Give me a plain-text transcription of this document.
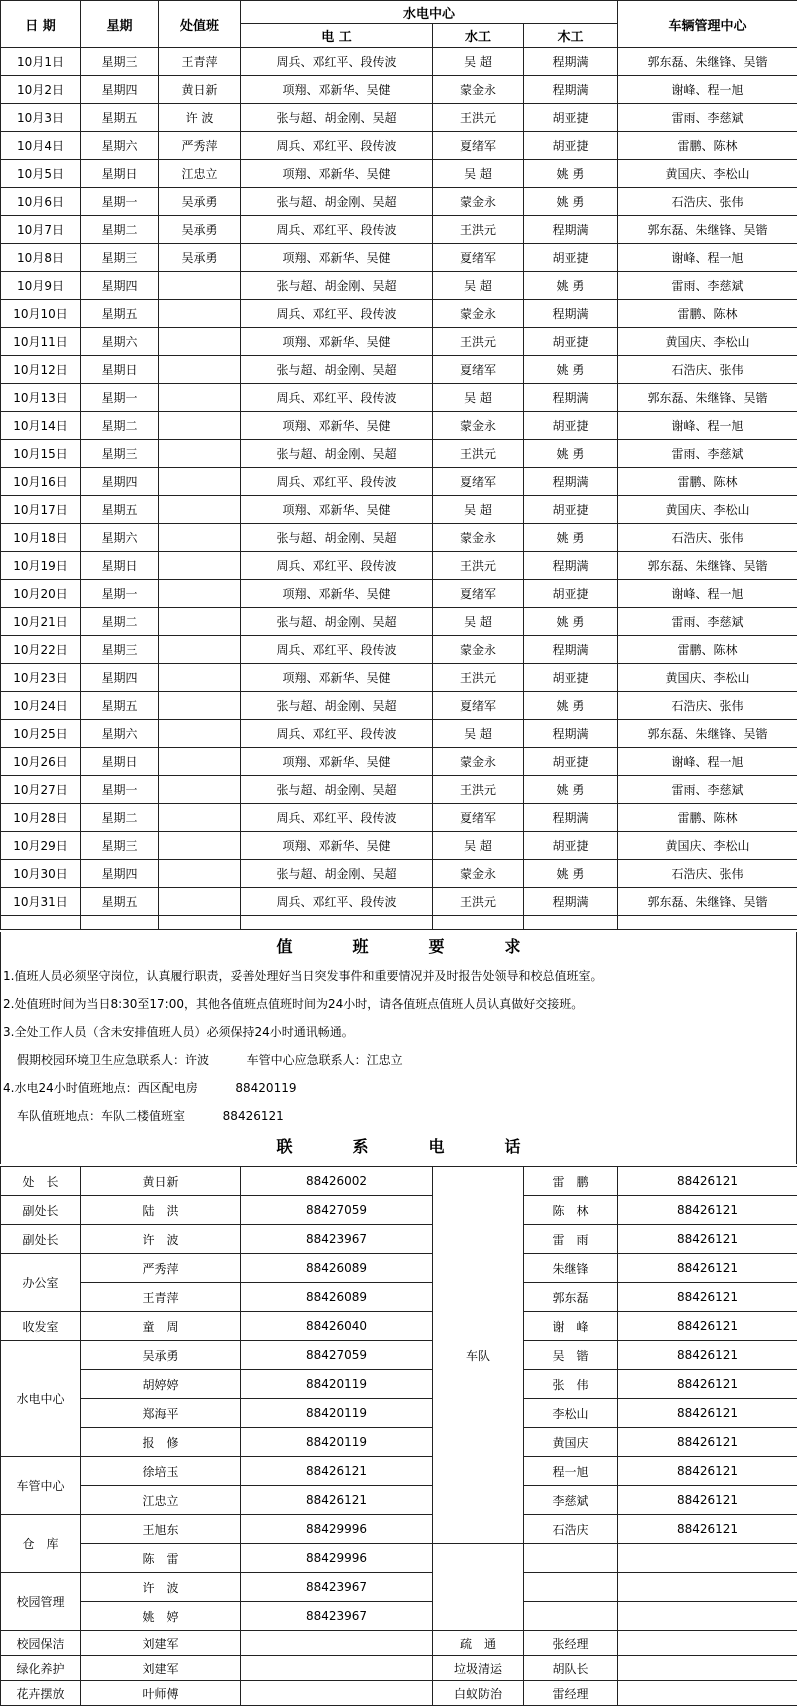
日 期	星期	处值班	水电中心			车辆管理中心
			电 工	水工	木工	
10月1日	星期三	王青萍	周兵、邓红平、段传波	吴 超	程期满	郭东磊、朱继锋、吴锴
10月2日	星期四	黄日新	项翔、邓新华、吴健	蒙金永	程期满	谢峰、程一旭
10月3日	星期五	许 波	张与超、胡金刚、吴超	王洪元	胡亚捷	雷雨、李慈斌
10月4日	星期六	严秀萍	周兵、邓红平、段传波	夏绪军	胡亚捷	雷鹏、陈林
10月5日	星期日	江忠立	项翔、邓新华、吴健	吴 超	姚 勇	黄国庆、李松山
10月6日	星期一	吴承勇	张与超、胡金刚、吴超	蒙金永	姚 勇	石浩庆、张伟
10月7日	星期二	吴承勇	周兵、邓红平、段传波	王洪元	程期满	郭东磊、朱继锋、吴锴
10月8日	星期三	吴承勇	项翔、邓新华、吴健	夏绪军	胡亚捷	谢峰、程一旭
10月9日	星期四		张与超、胡金刚、吴超	吴 超	姚 勇	雷雨、李慈斌
10月10日	星期五		周兵、邓红平、段传波	蒙金永	程期满	雷鹏、陈林
10月11日	星期六		项翔、邓新华、吴健	王洪元	胡亚捷	黄国庆、李松山
10月12日	星期日		张与超、胡金刚、吴超	夏绪军	姚 勇	石浩庆、张伟
10月13日	星期一		周兵、邓红平、段传波	吴 超	程期满	郭东磊、朱继锋、吴锴
10月14日	星期二		项翔、邓新华、吴健	蒙金永	胡亚捷	谢峰、程一旭
10月15日	星期三		张与超、胡金刚、吴超	王洪元	姚 勇	雷雨、李慈斌
10月16日	星期四		周兵、邓红平、段传波	夏绪军	程期满	雷鹏、陈林
10月17日	星期五		项翔、邓新华、吴健	吴 超	胡亚捷	黄国庆、李松山
10月18日	星期六		张与超、胡金刚、吴超	蒙金永	姚 勇	石浩庆、张伟
10月19日	星期日		周兵、邓红平、段传波	王洪元	程期满	郭东磊、朱继锋、吴锴
10月20日	星期一		项翔、邓新华、吴健	夏绪军	胡亚捷	谢峰、程一旭
10月21日	星期二		张与超、胡金刚、吴超	吴 超	姚 勇	雷雨、李慈斌
10月22日	星期三		周兵、邓红平、段传波	蒙金永	程期满	雷鹏、陈林
10月23日	星期四		项翔、邓新华、吴健	王洪元	胡亚捷	黄国庆、李松山
10月24日	星期五		张与超、胡金刚、吴超	夏绪军	姚 勇	石浩庆、张伟
10月25日	星期六		周兵、邓红平、段传波	吴 超	程期满	郭东磊、朱继锋、吴锴
10月26日	星期日		项翔、邓新华、吴健	蒙金永	胡亚捷	谢峰、程一旭
10月27日	星期一		张与超、胡金刚、吴超	王洪元	姚 勇	雷雨、李慈斌
10月28日	星期二		周兵、邓红平、段传波	夏绪军	程期满	雷鹏、陈林
10月29日	星期三		项翔、邓新华、吴健	吴 超	胡亚捷	黄国庆、李松山
10月30日	星期四		张与超、胡金刚、吴超	蒙金永	姚 勇	石浩庆、张伟
10月31日	星期五		周兵、邓红平、段传波	王洪元	程期满	郭东磊、朱继锋、吴锴

值班要求
1.值班人员必须坚守岗位，认真履行职责，妥善处理好当日突发事件和重要情况并及时报告处领导和校总值班室。
2.处值班时间为当日8:30至17:00，其他各值班点值班时间为24小时，请各值班点值班人员认真做好交接班。
3.全处工作人员（含未安排值班人员）必须保持24小时通讯畅通。
假期校园环境卫生应急联系人：许波	车管中心应急联系人：江忠立
4.水电24小时值班地点：西区配电房	88420119
车队值班地点：车队二楼值班室	88426121
联系电话
处　长	黄日新	88426002	车队	雷　鹏	88426121
副处长	陆　洪	88427059		陈　林	88426121
副处长	许　波	88423967		雷　雨	88426121
办公室	严秀萍	88426089		朱继锋	88426121
	王青萍	88426089		郭东磊	88426121
收发室	童　周	88426040		谢　峰	88426121
水电中心	吴承勇	88427059		吴　锴	88426121
	胡婷婷	88420119		张　伟	88426121
	郑海平	88420119		李松山	88426121
	报　修	88420119		黄国庆	88426121
车管中心	徐培玉	88426121		程一旭	88426121
	江忠立	88426121		李慈斌	88426121
仓　库	王旭东	88429996		石浩庆	88426121
	陈　雷	88429996			
校园管理	许　波	88423967			
	姚　婷	88423967			
校园保洁	刘建军		疏　通	张经理	
绿化养护	刘建军		垃圾清运	胡队长	
花卉摆放	叶师傅		白蚁防治	雷经理	
